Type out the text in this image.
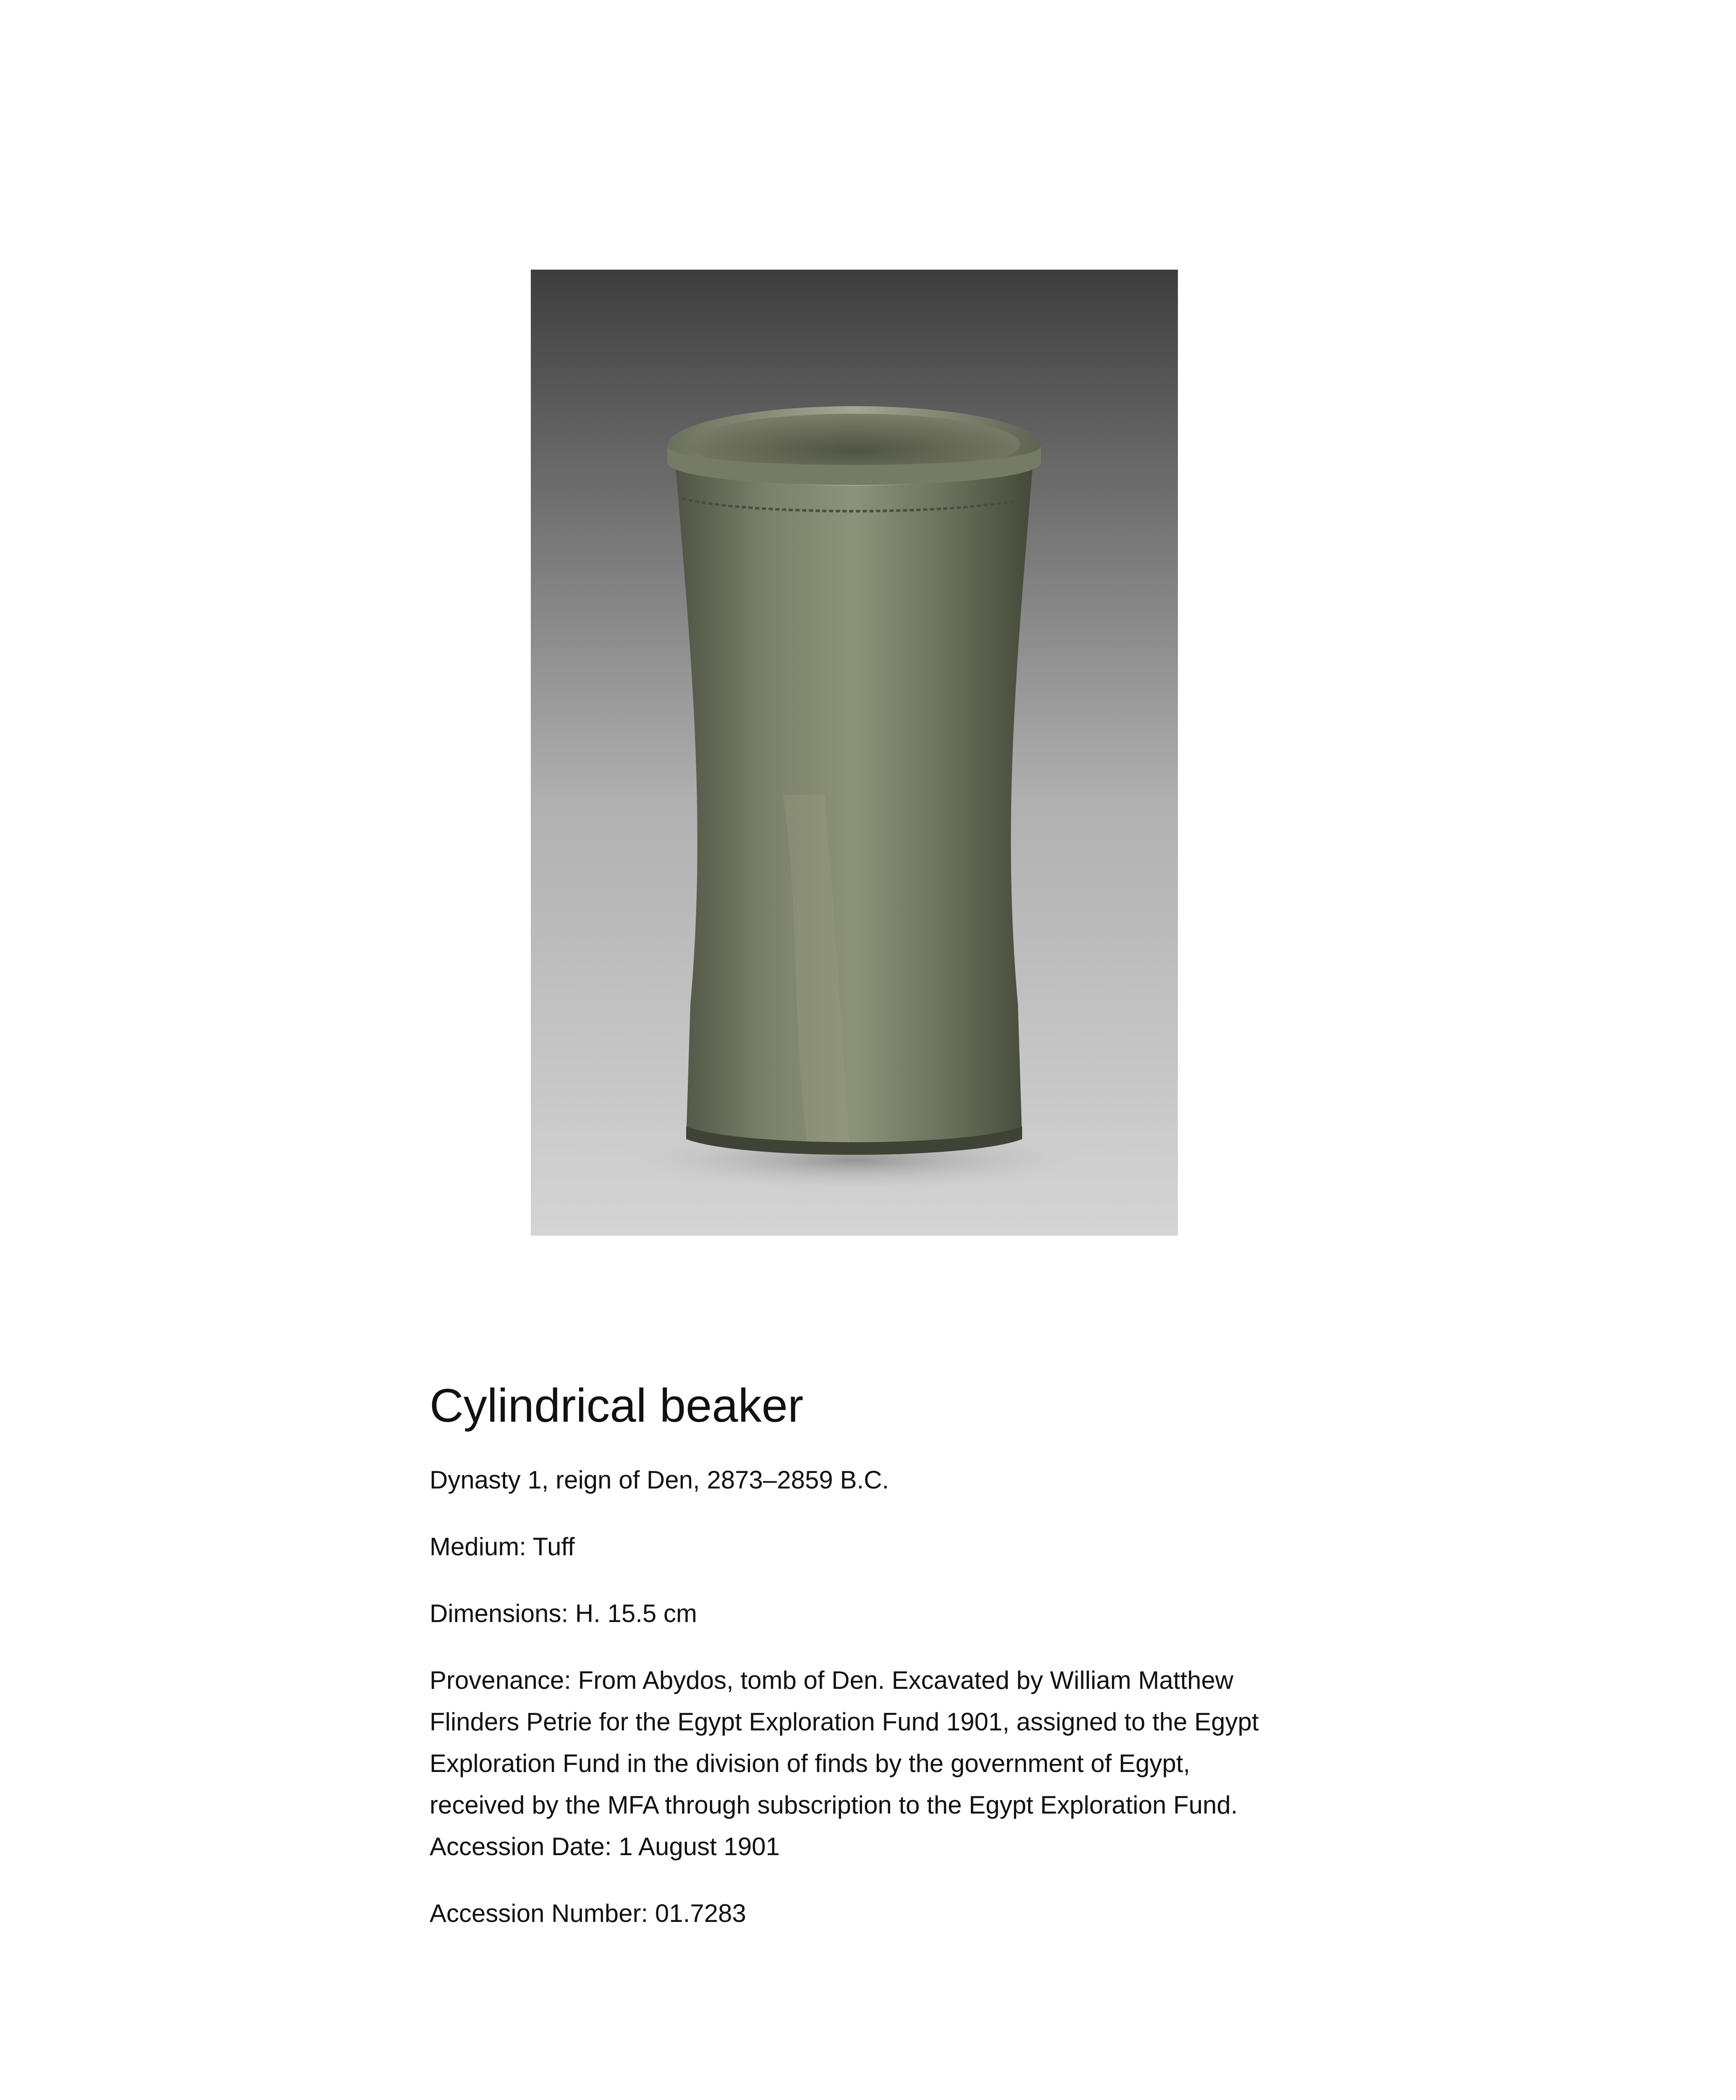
Cylindrical beaker

Dynasty 1, reign of Den, 2873–2859 B.C.

Medium: Tuff

Dimensions: H. 15.5 cm

Provenance: From Abydos, tomb of Den. Excavated by William Matthew
Flinders Petrie for the Egypt Exploration Fund 1901, assigned to the Egypt
Exploration Fund in the division of finds by the government of Egypt,
received by the MFA through subscription to the Egypt Exploration Fund.
Accession Date: 1 August 1901

Accession Number: 01.7283
